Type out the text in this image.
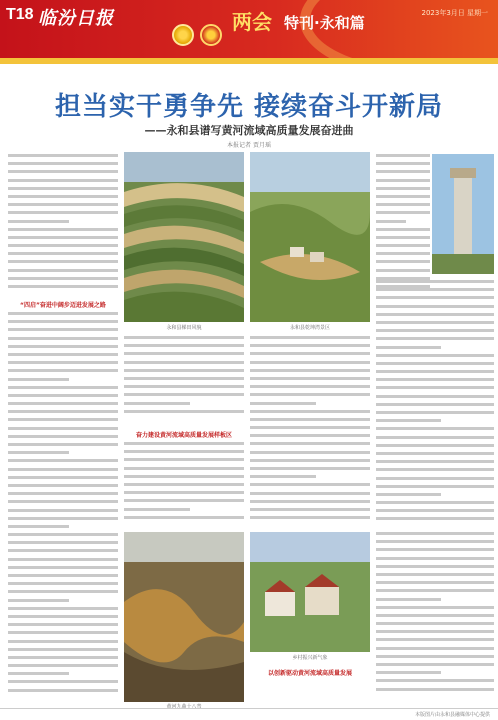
T18 临汾日报	两会 特刊·永和篇
2023年3月日 星期一
担当实干勇争先 接续奋斗开新局
——永和县谱写黄河流域高质量发展奋进曲
本报记者 贾月瑶
“四启”奋进中阔步迈进发展之路
永和县梯田风貌	永和县乾坤湾景区
奋力建设黄河流域高质量发展样板区
黄河九曲十八弯
乡村振兴新气象
以创新驱动黄河流域高质量发展
本版图片由永和县融媒体中心提供
